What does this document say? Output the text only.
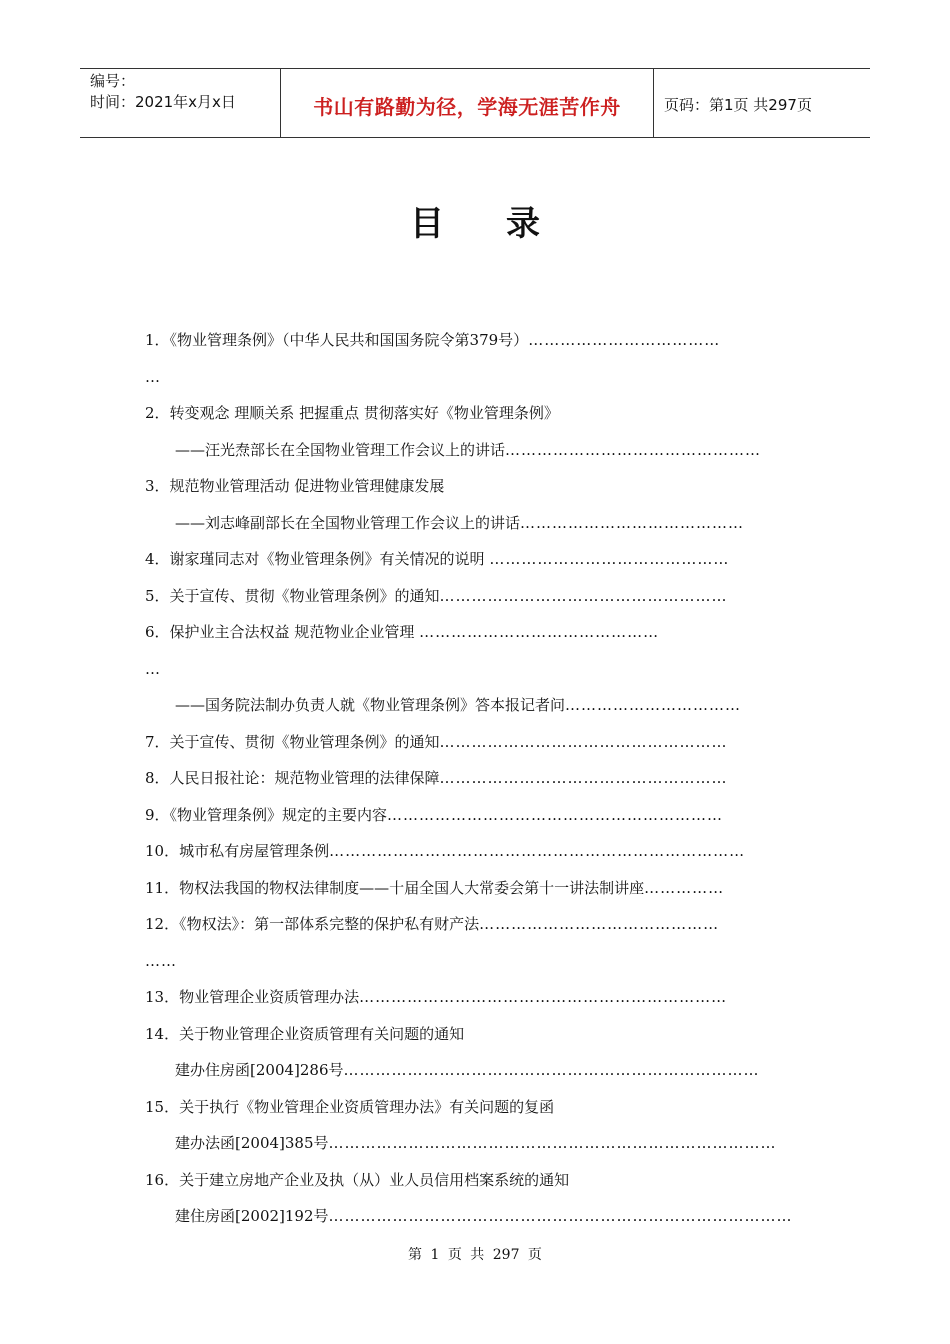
编号：
时间：2021年x月x日	书山有路勤为径，学海无涯苦作舟	页码：第1页 共297页
目录
1．《物业管理条例》（中华人民共和国国务院令第379号）………………………………
…
2．转变观念 理顺关系 把握重点 贯彻落实好《物业管理条例》
——汪光焘部长在全国物业管理工作会议上的讲话…………………………………………
3．规范物业管理活动 促进物业管理健康发展
——刘志峰副部长在全国物业管理工作会议上的讲话……………………………………
4．谢家瑾同志对《物业管理条例》有关情况的说明 ………………………………………
5．关于宣传、贯彻《物业管理条例》的通知………………………………………………
6．保护业主合法权益 规范物业企业管理 ………………………………………
…
——国务院法制办负责人就《物业管理条例》答本报记者问……………………………
7．关于宣传、贯彻《物业管理条例》的通知………………………………………………
8．人民日报社论：规范物业管理的法律保障………………………………………………
9．《物业管理条例》规定的主要内容………………………………………………………
10．城市私有房屋管理条例……………………………………………………………………
11．物权法我国的物权法律制度——十届全国人大常委会第十一讲法制讲座……………
12．《物权法》：第一部体系完整的保护私有财产法………………………………………
……
13．物业管理企业资质管理办法……………………………………………………………
14．关于物业管理企业资质管理有关问题的通知
建办住房函[2004]286号……………………………………………………………………
15．关于执行《物业管理企业资质管理办法》有关问题的复函
建办法函[2004]385号…………………………………………………………………………
16．关于建立房地产企业及执（从）业人员信用档案系统的通知
建住房函[2002]192号……………………………………………………………………………
第 1 页 共 297 页
